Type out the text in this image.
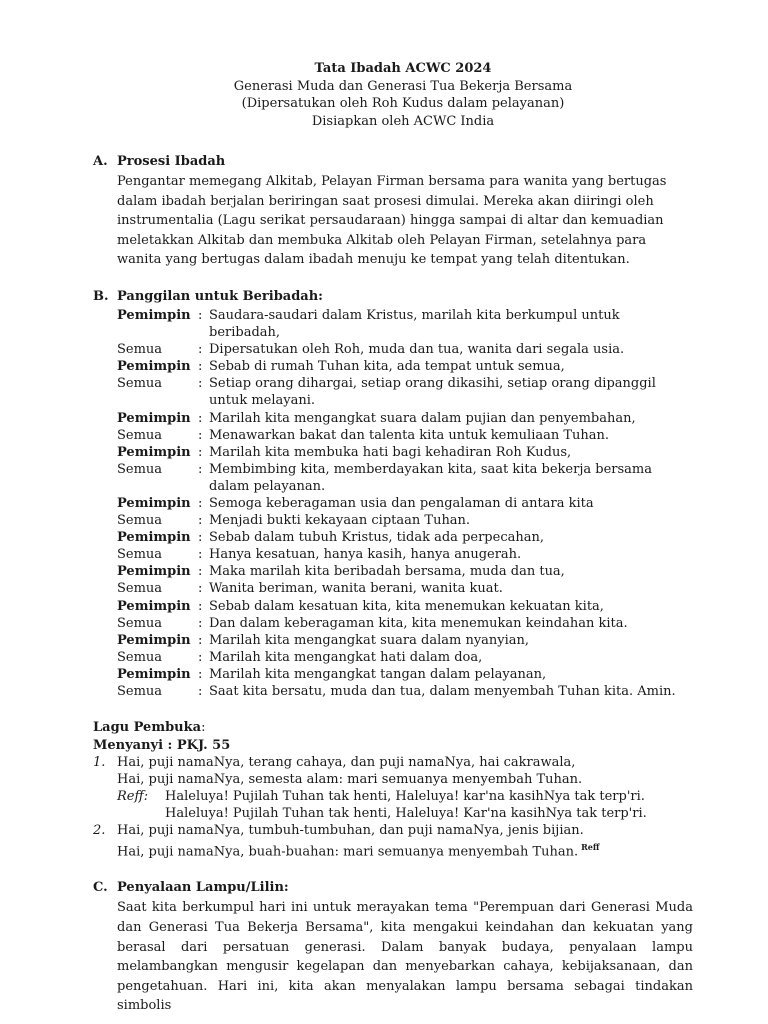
Tata Ibadah ACWC 2024
Generasi Muda dan Generasi Tua Bekerja Bersama
(Dipersatukan oleh Roh Kudus dalam pelayanan)
Disiapkan oleh ACWC India
A. Prosesi Ibadah
Pengantar memegang Alkitab, Pelayan Firman bersama para wanita yang bertugas dalam ibadah berjalan beriringan saat prosesi dimulai. Mereka akan diiringi oleh instrumentalia (Lagu serikat persaudaraan) hingga sampai di altar dan kemuadian meletakkan Alkitab dan membuka Alkitab oleh Pelayan Firman, setelahnya para wanita yang bertugas dalam ibadah menuju ke tempat yang telah ditentukan.
B. Panggilan untuk Beribadah:
Pemimpin : Saudara-saudari dalam Kristus, marilah kita berkumpul untuk beribadah,
Semua	: Dipersatukan oleh Roh, muda dan tua, wanita dari segala usia.
Pemimpin : Sebab di rumah Tuhan kita, ada tempat untuk semua,
Semua	: Setiap orang dihargai, setiap orang dikasihi, setiap orang dipanggil untuk melayani.
Pemimpin : Marilah kita mengangkat suara dalam pujian dan penyembahan,
Semua	: Menawarkan bakat dan talenta kita untuk kemuliaan Tuhan.
Pemimpin : Marilah kita membuka hati bagi kehadiran Roh Kudus,
Semua	: Membimbing kita, memberdayakan kita, saat kita bekerja bersama dalam pelayanan.
Pemimpin : Semoga keberagaman usia dan pengalaman di antara kita
Semua	: Menjadi bukti kekayaan ciptaan Tuhan.
Pemimpin : Sebab dalam tubuh Kristus, tidak ada perpecahan,
Semua	: Hanya kesatuan, hanya kasih, hanya anugerah.
Pemimpin : Maka marilah kita beribadah bersama, muda dan tua,
Semua	: Wanita beriman, wanita berani, wanita kuat.
Pemimpin : Sebab dalam kesatuan kita, kita menemukan kekuatan kita,
Semua	: Dan dalam keberagaman kita, kita menemukan keindahan kita.
Pemimpin : Marilah kita mengangkat suara dalam nyanyian,
Semua	: Marilah kita mengangkat hati dalam doa,
Pemimpin : Marilah kita mengangkat tangan dalam pelayanan,
Semua	: Saat kita bersatu, muda dan tua, dalam menyembah Tuhan kita. Amin.
Lagu Pembuka:
Menyanyi : PKJ. 55
1. Hai, puji namaNya, terang cahaya, dan puji namaNya, hai cakrawala,
Hai, puji namaNya, semesta alam: mari semuanya menyembah Tuhan.
Reff:	Haleluya! Pujilah Tuhan tak henti, Haleluya! kar'na kasihNya tak terp'ri.
Haleluya! Pujilah Tuhan tak henti, Haleluya! Kar'na kasihNya tak terp'ri.
2. Hai, puji namaNya, tumbuh-tumbuhan, dan puji namaNya, jenis bijian.
Hai, puji namaNya, buah-buahan: mari semuanya menyembah Tuhan. $^{Reff}$
C. Penyalaan Lampu/Lilin:
Saat kita berkumpul hari ini untuk merayakan tema "Perempuan dari Generasi Muda dan Generasi Tua Bekerja Bersama", kita mengakui keindahan dan kekuatan yang berasal dari persatuan generasi. Dalam banyak budaya, penyalaan lampu melambangkan mengusir kegelapan dan menyebarkan cahaya, kebijaksanaan, dan pengetahuan. Hari ini, kita akan menyalakan lampu bersama sebagai tindakan simbolis
